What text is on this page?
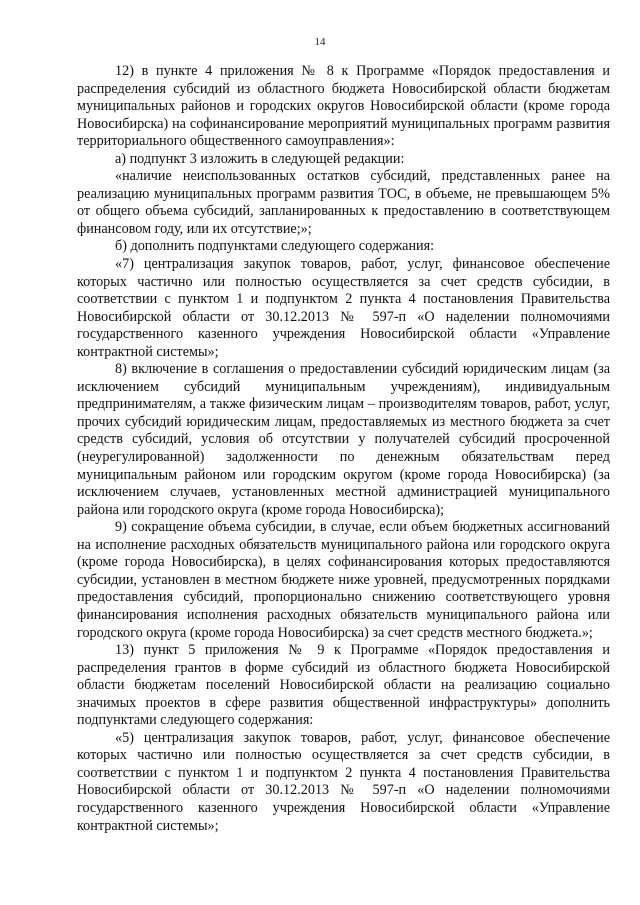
14

12) в пункте 4 приложения № 8 к Программе «Порядок предоставления и распределения субсидий из областного бюджета Новосибирской области бюджетам муниципальных районов и городских округов Новосибирской области (кроме города Новосибирска) на софинансирование мероприятий муниципальных программ развития территориального общественного самоуправления»:

а) подпункт 3 изложить в следующей редакции:

«наличие неиспользованных остатков субсидий, представленных ранее на реализацию муниципальных программ развития ТОС, в объеме, не превышающем 5% от общего объема субсидий, запланированных к предоставлению в соответствующем финансовом году, или их отсутствие;»;

б) дополнить подпунктами следующего содержания:

«7) централизация закупок товаров, работ, услуг, финансовое обеспечение которых частично или полностью осуществляется за счет средств субсидии, в соответствии с пунктом 1 и подпунктом 2 пункта 4 постановления Правительства Новосибирской области от 30.12.2013 № 597-п «О наделении полномочиями государственного казенного учреждения Новосибирской области «Управление контрактной системы»;

8) включение в соглашения о предоставлении субсидий юридическим лицам (за исключением субсидий муниципальным учреждениям), индивидуальным предпринимателям, а также физическим лицам – производителям товаров, работ, услуг, прочих субсидий юридическим лицам, предоставляемых из местного бюджета за счет средств субсидий, условия об отсутствии у получателей субсидий просроченной (неурегулированной) задолженности по денежным обязательствам перед муниципальным районом или городским округом (кроме города Новосибирска) (за исключением случаев, установленных местной администрацией муниципального района или городского округа (кроме города Новосибирска);

9) сокращение объема субсидии, в случае, если объем бюджетных ассигнований на исполнение расходных обязательств муниципального района или городского округа (кроме города Новосибирска), в целях софинансирования которых предоставляются субсидии, установлен в местном бюджете ниже уровней, предусмотренных порядками предоставления субсидий, пропорционально снижению соответствующего уровня финансирования исполнения расходных обязательств муниципального района или городского округа (кроме города Новосибирска) за счет средств местного бюджета.»;

13) пункт 5 приложения № 9 к Программе «Порядок предоставления и распределения грантов в форме субсидий из областного бюджета Новосибирской области бюджетам поселений Новосибирской области на реализацию социально значимых проектов в сфере развития общественной инфраструктуры» дополнить подпунктами следующего содержания:

«5) централизация закупок товаров, работ, услуг, финансовое обеспечение которых частично или полностью осуществляется за счет средств субсидии, в соответствии с пунктом 1 и подпунктом 2 пункта 4 постановления Правительства Новосибирской области от 30.12.2013 № 597-п «О наделении полномочиями государственного казенного учреждения Новосибирской области «Управление контрактной системы»;
